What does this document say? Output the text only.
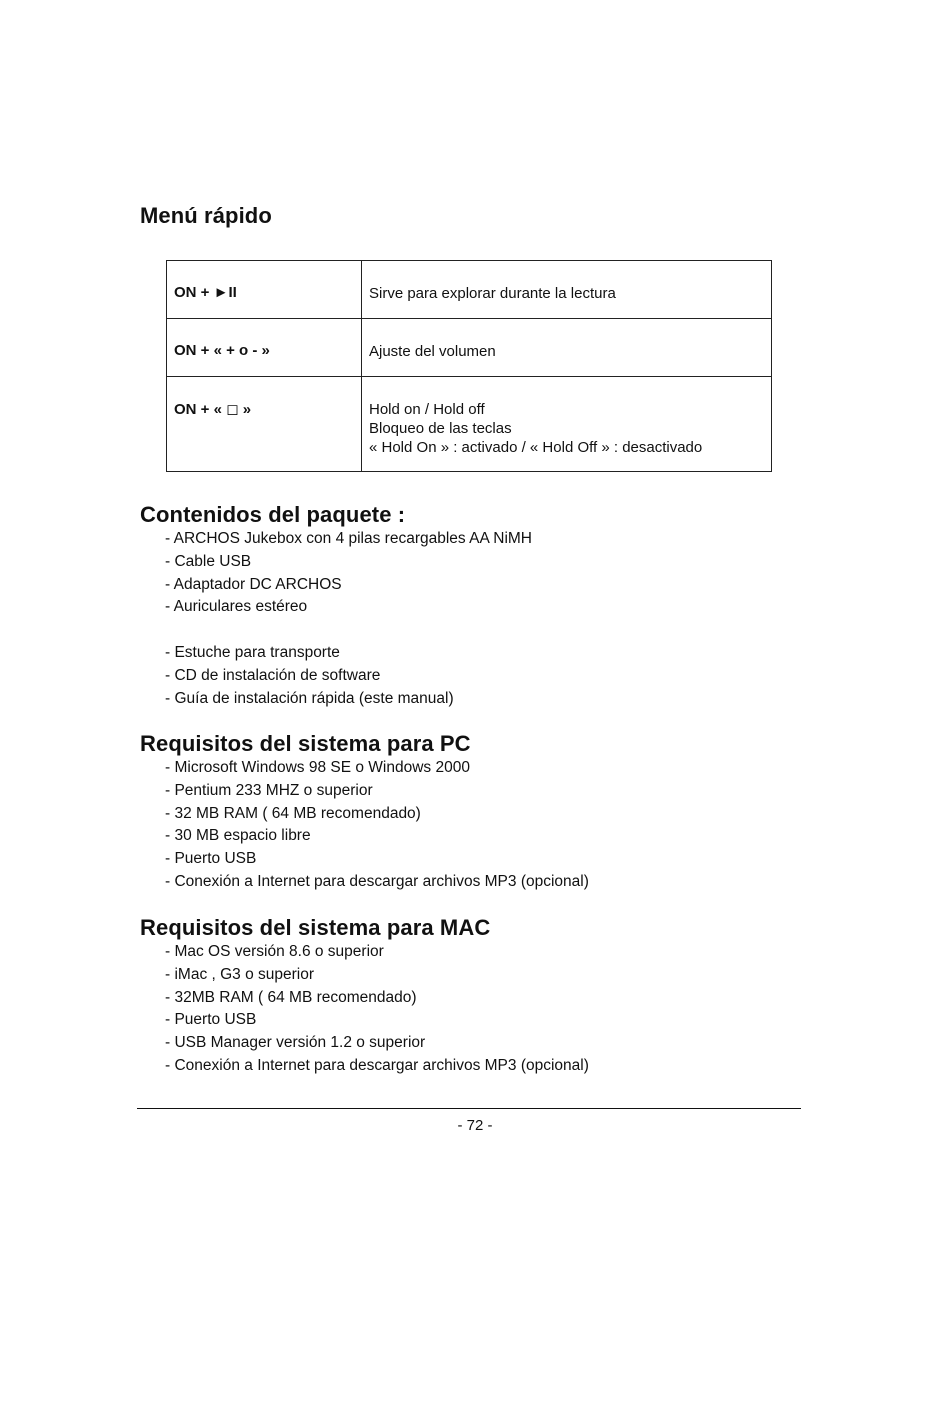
Menú rápido
ON + ►II	Sirve para explorar durante la lectura

ON + « + o - »	Ajuste del volumen

ON + « ◻ »	Hold on / Hold off
Bloqueo de las teclas
« Hold On » : activado / « Hold Off » : desactivado
Contenidos del paquete :
- ARCHOS Jukebox con 4 pilas recargables AA NiMH
- Cable USB
- Adaptador DC ARCHOS
- Auriculares estéreo
- Estuche para transporte
- CD de instalación de software
- Guía de instalación rápida (este manual)
Requisitos del sistema para PC
- Microsoft Windows 98 SE o Windows 2000
- Pentium 233 MHZ o superior
- 32 MB RAM ( 64 MB recomendado)
- 30 MB espacio libre
- Puerto USB
- Conexión a Internet para descargar archivos MP3 (opcional)
Requisitos del sistema para MAC
- Mac OS versión 8.6 o superior
- iMac , G3 o superior
- 32MB RAM ( 64 MB recomendado)
- Puerto USB
- USB Manager versión 1.2 o superior
- Conexión a Internet para descargar archivos MP3 (opcional)
- 72 -
